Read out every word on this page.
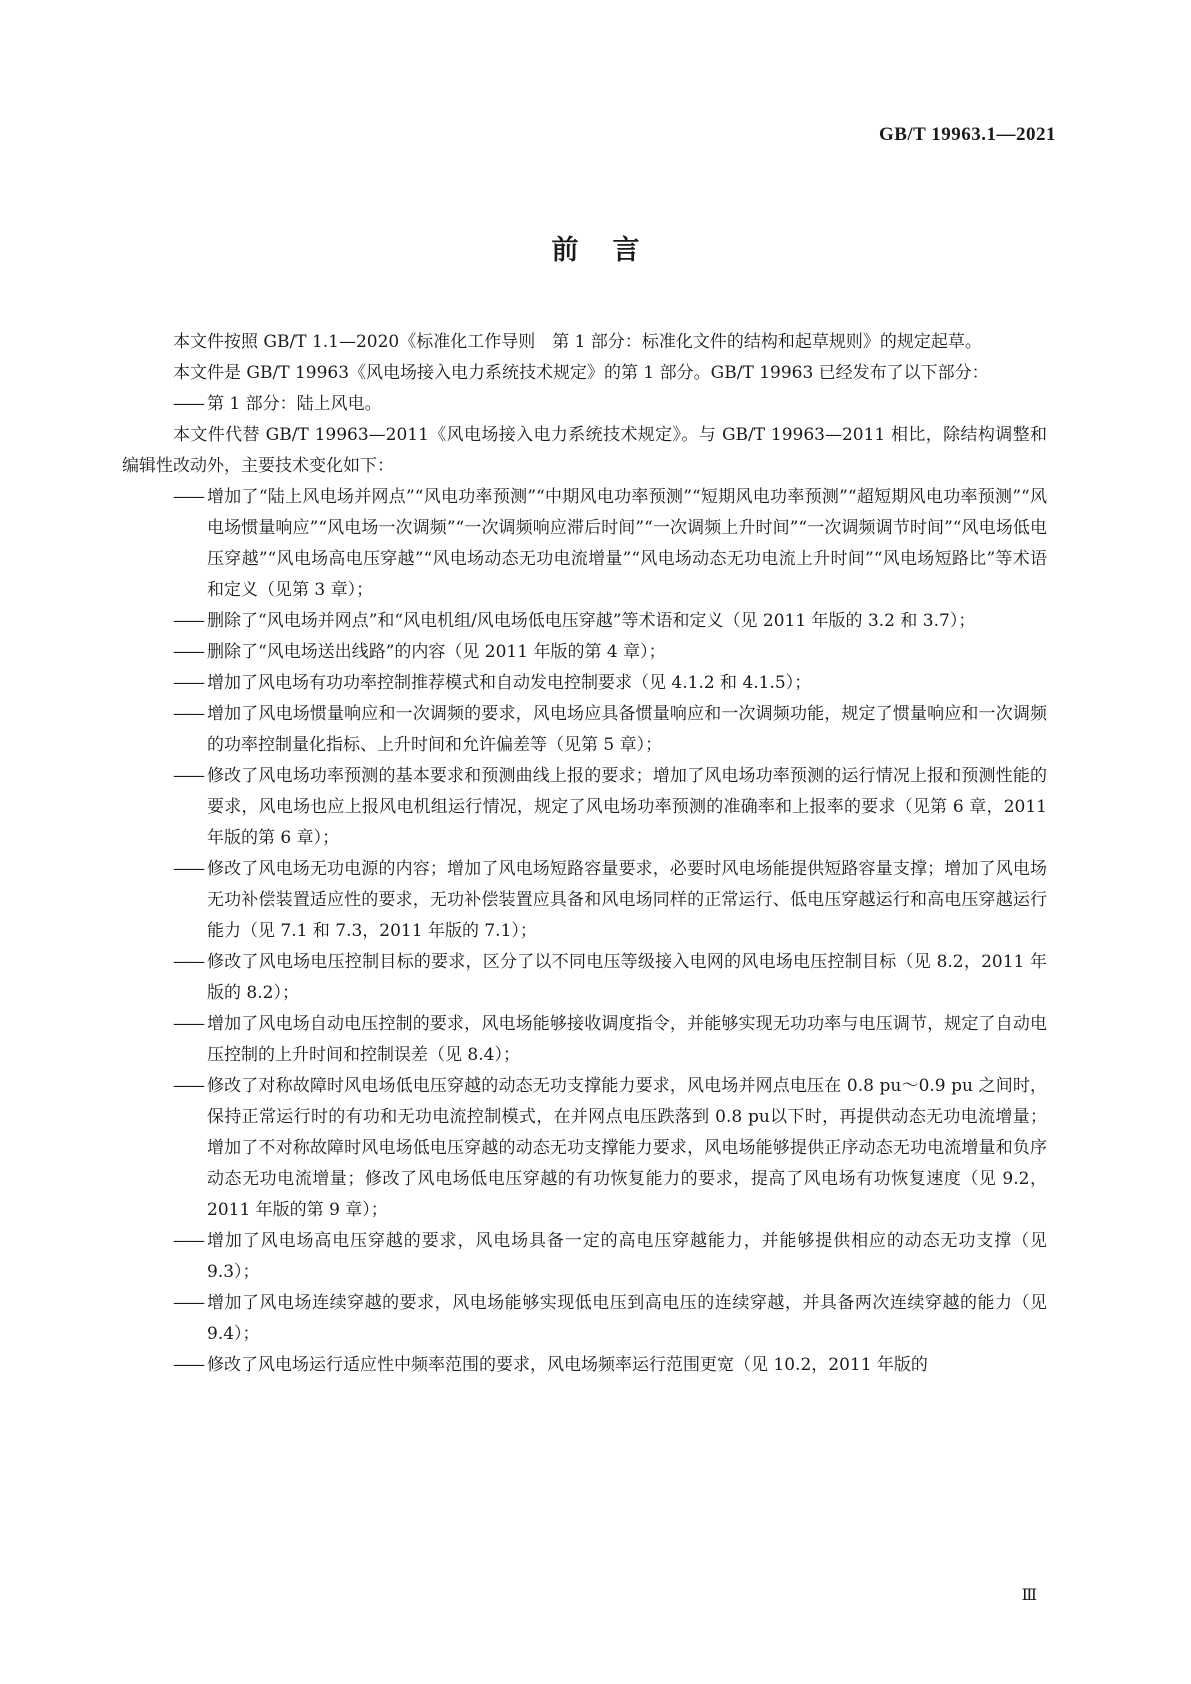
GB/T 19963.1—2021
前言

本文件按照 GB/T 1.1—2020《标准化工作导则　第 1 部分：标准化文件的结构和起草规则》的规定起草。

本文件是 GB/T 19963《风电场接入电力系统技术规定》的第 1 部分。GB/T 19963 已经发布了以下部分：

—— 第 1 部分：陆上风电。

本文件代替 GB/T 19963—2011《风电场接入电力系统技术规定》。与 GB/T 19963—2011 相比，除结构调整和编辑性改动外，主要技术变化如下：

—— 增加了“陆上风电场并网点”“风电功率预测”“中期风电功率预测”“短期风电功率预测”“超短期风电功率预测”“风电场惯量响应”“风电场一次调频”“一次调频响应滞后时间”“一次调频上升时间”“一次调频调节时间”“风电场低电压穿越”“风电场高电压穿越”“风电场动态无功电流增量”“风电场动态无功电流上升时间”“风电场短路比”等术语和定义（见第 3 章）；
—— 删除了“风电场并网点”和“风电机组/风电场低电压穿越”等术语和定义（见 2011 年版的 3.2 和 3.7）；
—— 删除了“风电场送出线路”的内容（见 2011 年版的第 4 章）；
—— 增加了风电场有功功率控制推荐模式和自动发电控制要求（见 4.1.2 和 4.1.5）；
—— 增加了风电场惯量响应和一次调频的要求，风电场应具备惯量响应和一次调频功能，规定了惯量响应和一次调频的功率控制量化指标、上升时间和允许偏差等（见第 5 章）；
—— 修改了风电场功率预测的基本要求和预测曲线上报的要求；增加了风电场功率预测的运行情况上报和预测性能的要求，风电场也应上报风电机组运行情况，规定了风电场功率预测的准确率和上报率的要求（见第 6 章，2011 年版的第 6 章）；
—— 修改了风电场无功电源的内容；增加了风电场短路容量要求，必要时风电场能提供短路容量支撑；增加了风电场无功补偿装置适应性的要求，无功补偿装置应具备和风电场同样的正常运行、低电压穿越运行和高电压穿越运行能力（见 7.1 和 7.3，2011 年版的 7.1）；
—— 修改了风电场电压控制目标的要求，区分了以不同电压等级接入电网的风电场电压控制目标（见 8.2，2011 年版的 8.2）；
—— 增加了风电场自动电压控制的要求，风电场能够接收调度指令，并能够实现无功功率与电压调节，规定了自动电压控制的上升时间和控制误差（见 8.4）；
—— 修改了对称故障时风电场低电压穿越的动态无功支撑能力要求，风电场并网点电压在 0.8 pu～0.9 pu 之间时，保持正常运行时的有功和无功电流控制模式，在并网点电压跌落到 0.8 pu以下时，再提供动态无功电流增量；增加了不对称故障时风电场低电压穿越的动态无功支撑能力要求，风电场能够提供正序动态无功电流增量和负序动态无功电流增量；修改了风电场低电压穿越的有功恢复能力的要求，提高了风电场有功恢复速度（见 9.2，2011 年版的第 9 章）；
—— 增加了风电场高电压穿越的要求，风电场具备一定的高电压穿越能力，并能够提供相应的动态无功支撑（见 9.3）；
—— 增加了风电场连续穿越的要求，风电场能够实现低电压到高电压的连续穿越，并具备两次连续穿越的能力（见 9.4）；
—— 修改了风电场运行适应性中频率范围的要求，风电场频率运行范围更宽（见 10.2，2011 年版的
Ⅲ
